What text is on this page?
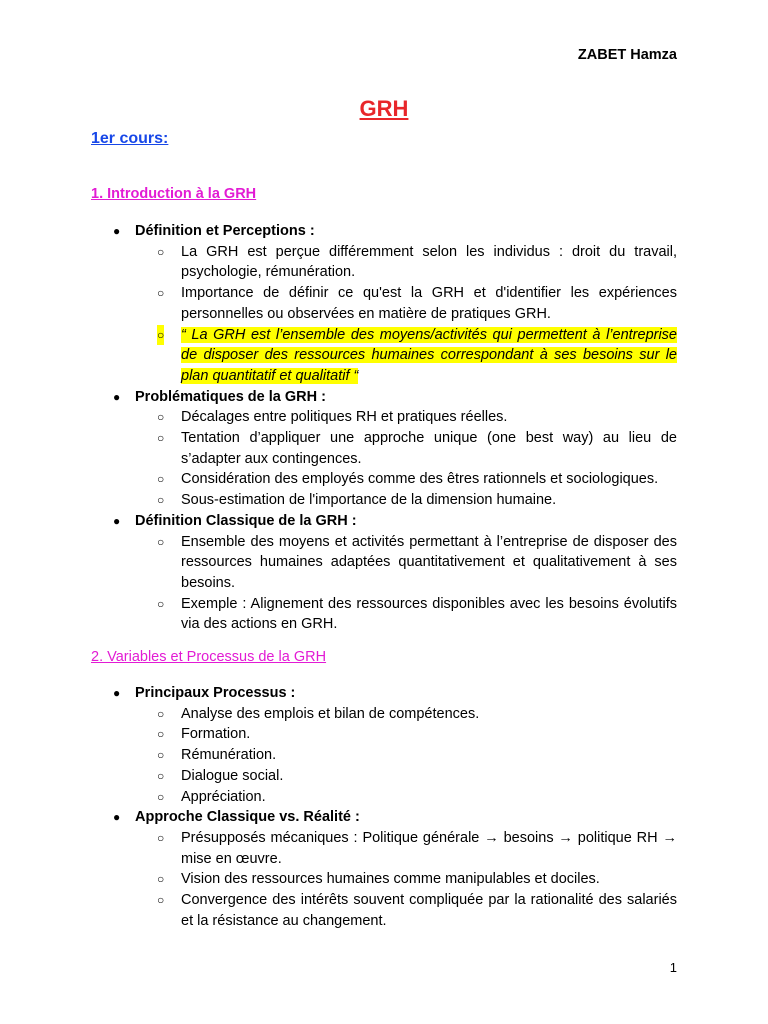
ZABET Hamza
GRH
1er cours:
1. Introduction à la GRH
●	Définition et Perceptions :
○ La GRH est perçue différemment selon les individus : droit du travail, psychologie, rémunération.
○ Importance de définir ce qu'est la GRH et d'identifier les expériences personnelles ou observées en matière de pratiques GRH.
○ “ La GRH est l’ensemble des moyens/activités qui permettent à l’entreprise de disposer des ressources humaines correspondant à ses besoins sur le plan quantitatif et qualitatif “
●	Problématiques de la GRH :
○ Décalages entre politiques RH et pratiques réelles.
○ Tentation d’appliquer une approche unique (one best way) au lieu de s’adapter aux contingences.
○ Considération des employés comme des êtres rationnels et sociologiques.
○ Sous-estimation de l'importance de la dimension humaine.
●	Définition Classique de la GRH :
○ Ensemble des moyens et activités permettant à l’entreprise de disposer des ressources humaines adaptées quantitativement et qualitativement à ses besoins.
○ Exemple : Alignement des ressources disponibles avec les besoins évolutifs via des actions en GRH.
2. Variables et Processus de la GRH
●	Principaux Processus :
○ Analyse des emplois et bilan de compétences.
○ Formation.
○ Rémunération.
○ Dialogue social.
○ Appréciation.
●	Approche Classique vs. Réalité :
○ Présupposés mécaniques : Politique générale → besoins → politique RH → mise en œuvre.
○ Vision des ressources humaines comme manipulables et dociles.
○ Convergence des intérêts souvent compliquée par la rationalité des salariés et la résistance au changement.
1
